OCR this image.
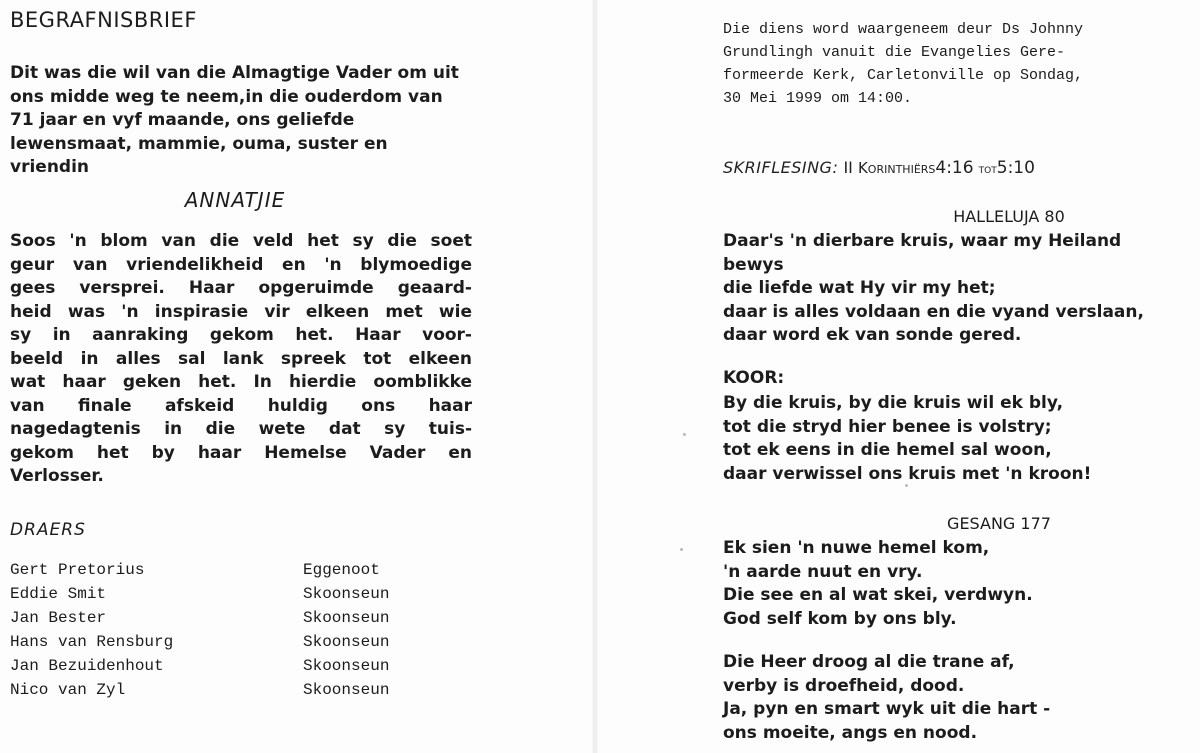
BEGRAFNISBRIEF

Dit was die wil van die Almagtige Vader om uit ons midde weg te neem,in die ouderdom van 71 jaar en vyf maande, ons geliefde lewensmaat, mammie, ouma, suster en vriendin

ANNATJIE
Soos 'n blom van die veld het sy die soet
geur van vriendelikheid en 'n blymoedige
gees versprei. Haar opgeruimde geaard-
heid was 'n inspirasie vir elkeen met wie
sy in aanraking gekom het. Haar voor-
beeld in alles sal lank spreek tot elkeen
wat haar geken het. In hierdie oomblikke
van finale afskeid huldig ons haar
nagedagtenis in die wete dat sy tuis-
gekom het by haar Hemelse Vader en
Verlosser.
DRAERS
Gert Pretorius	Eggenoot
Eddie Smit	Skoonseun
Jan Bester	Skoonseun
Hans van Rensburg	Skoonseun
Jan Bezuidenhout	Skoonseun
Nico van Zyl	Skoonseun
Die diens word waargeneem deur Ds Johnny
Grundlingh vanuit die Evangelies Gere-
formeerde Kerk, Carletonville op Sondag,
30 Mei 1999 om 14:00.
SKRIFLESING: II Korinthiërs4:16 tot5:10
HALLELUJA 80
Daar's 'n dierbare kruis, waar my Heiland
bewys
die liefde wat Hy vir my het;
daar is alles voldaan en die vyand verslaan,
daar word ek van sonde gered.
KOOR:
By die kruis, by die kruis wil ek bly,
tot die stryd hier benee is volstry;
tot ek eens in die hemel sal woon,
daar verwissel ons kruis met 'n kroon!
GESANG 177
Ek sien 'n nuwe hemel kom,
'n aarde nuut en vry.
Die see en al wat skei, verdwyn.
God self kom by ons bly.
Die Heer droog al die trane af,
verby is droefheid, dood.
Ja, pyn en smart wyk uit die hart -
ons moeite, angs en nood.
